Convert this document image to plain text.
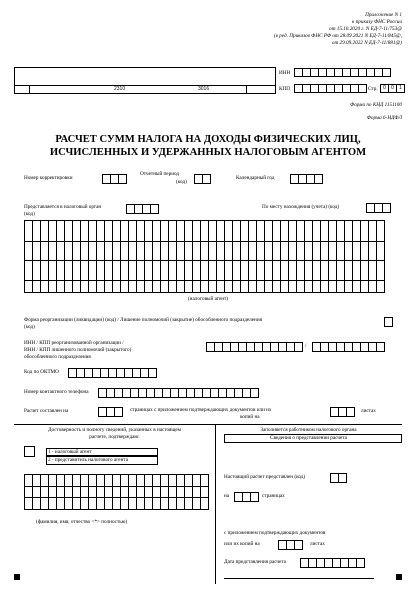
Приложение N 1
к приказу ФНС России
от 15.10.2020 г. N ЕД-7-11/753@
(в ред. Приказов ФНС РФ от 28.09.2021 N ЕД-7-11/845@,
от 29.09.2022 N ЕД-7-11/881@)
2310	3016
ИНН
КПП	Стр.	0 0 1
Форма по КНД 1151100
Форма 6-НДФЛ
РАСЧЕТ СУММ НАЛОГА НА ДОХОДЫ ФИЗИЧЕСКИХ ЛИЦ,
ИСЧИСЛЕННЫХ И УДЕРЖАННЫХ НАЛОГОВЫМ АГЕНТОМ
Номер корректировки
Отчетный период
(код)
Календарный год
Представляется в налоговый орган
(код)
По месту нахождения (учета) (код)
(налоговый агент)
Форма реорганизации (ликвидации) (код) / Лишение полномочий (закрытие) обособленного подразделения
(код)
ИНН / КПП реорганизованной организации /
ИНН / КПП лишенного полномочий (закрытого)
обособленного подразделения
/
Код по ОКТМО
Номер контактного телефона
Расчет составлен на	страницах с приложением подтверждающих документов или их
копий на
листах
Достоверность и полноту сведений, указанных в настоящем
расчете, подтверждаю:
1 - налоговый агент
2 - представитель налогового агента
(фамилия, имя, отчество <*> полностью)
Заполняется работником налогового органа
Сведения о представлении расчета
Настоящий расчет представлен (код)
на	страницах
с приложением подтверждающих документов
или их копий на	листах
Дата представления расчета
